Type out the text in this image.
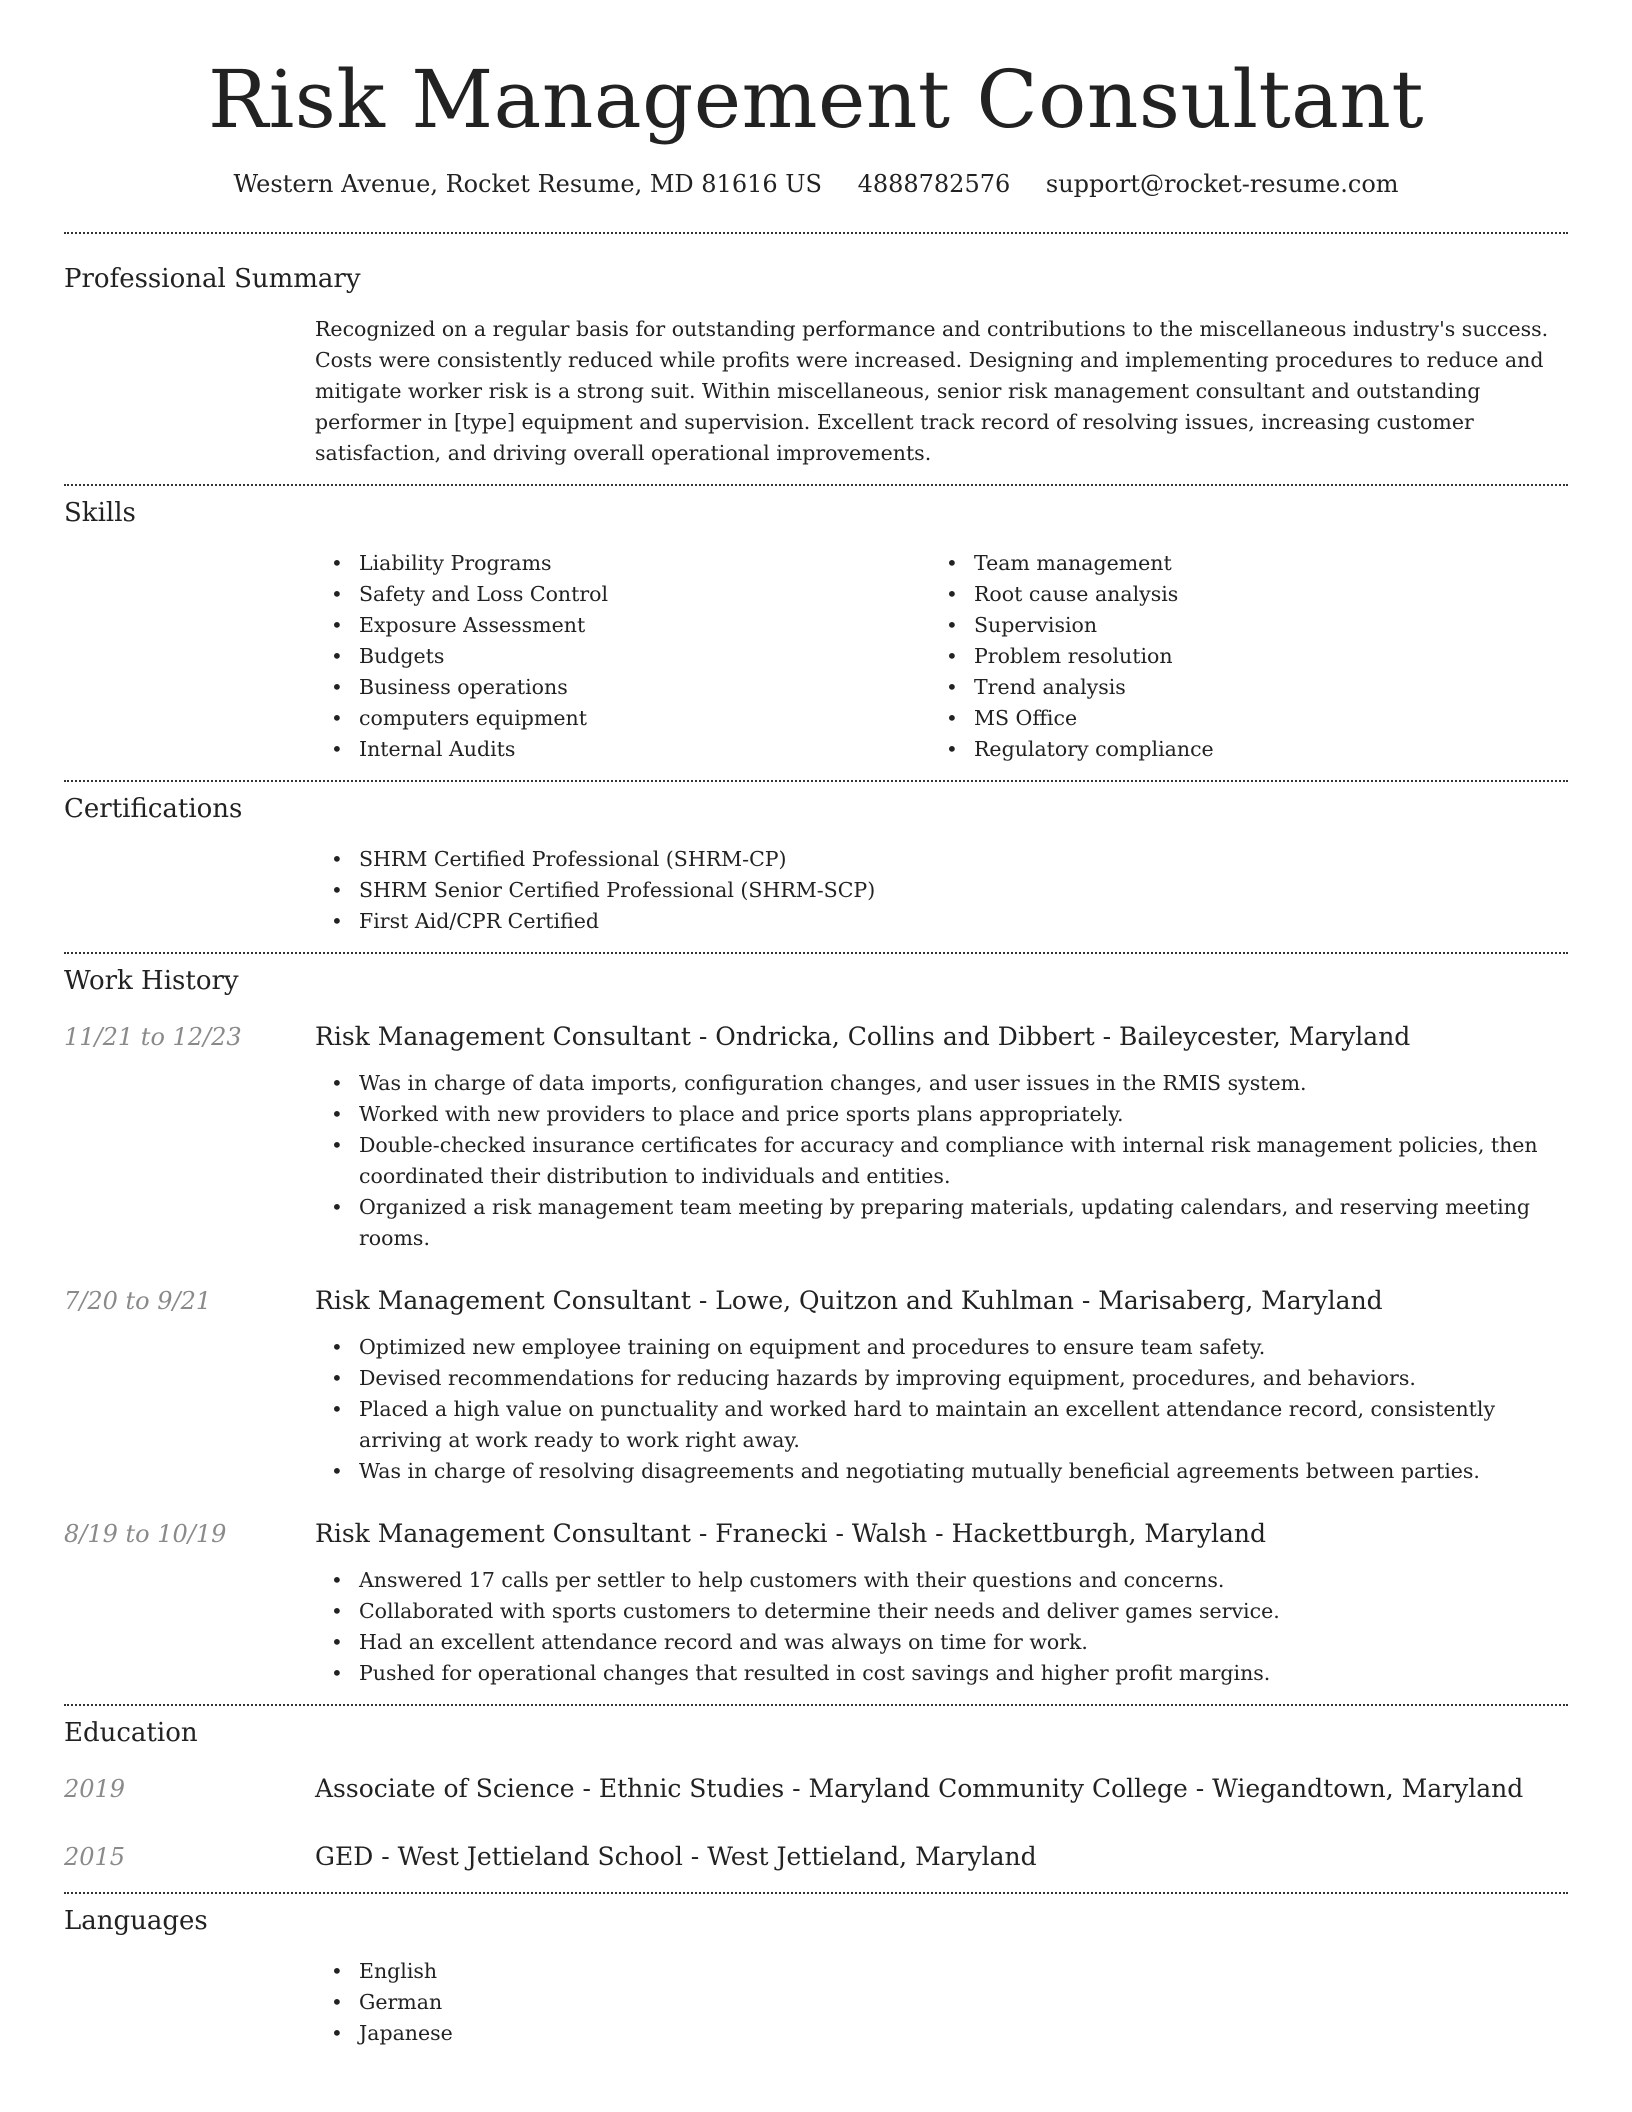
Risk Management Consultant
Western Avenue, Rocket Resume, MD 81616 US 4888782576 support@rocket-resume.com
Professional Summary
Recognized on a regular basis for outstanding performance and contributions to the miscellaneous industry's success. Costs were consistently reduced while profits were increased. Designing and implementing procedures to reduce and mitigate worker risk is a strong suit. Within miscellaneous, senior risk management consultant and outstanding performer in [type] equipment and supervision. Excellent track record of resolving issues, increasing customer satisfaction, and driving overall operational improvements.
Skills
• Liability Programs
• Safety and Loss Control
• Exposure Assessment
• Budgets
• Business operations
• computers equipment
• Internal Audits
• Team management
• Root cause analysis
• Supervision
• Problem resolution
• Trend analysis
• MS Office
• Regulatory compliance
Certifications
• SHRM Certified Professional (SHRM-CP)
• SHRM Senior Certified Professional (SHRM-SCP)
• First Aid/CPR Certified
Work History
11/21 to 12/23	Risk Management Consultant - Ondricka, Collins and Dibbert - Baileycester, Maryland
• Was in charge of data imports, configuration changes, and user issues in the RMIS system.
• Worked with new providers to place and price sports plans appropriately.
• Double-checked insurance certificates for accuracy and compliance with internal risk management policies, then coordinated their distribution to individuals and entities.
• Organized a risk management team meeting by preparing materials, updating calendars, and reserving meeting rooms.
7/20 to 9/21	Risk Management Consultant - Lowe, Quitzon and Kuhlman - Marisaberg, Maryland
• Optimized new employee training on equipment and procedures to ensure team safety.
• Devised recommendations for reducing hazards by improving equipment, procedures, and behaviors.
• Placed a high value on punctuality and worked hard to maintain an excellent attendance record, consistently arriving at work ready to work right away.
• Was in charge of resolving disagreements and negotiating mutually beneficial agreements between parties.
8/19 to 10/19	Risk Management Consultant - Franecki - Walsh - Hackettburgh, Maryland
• Answered 17 calls per settler to help customers with their questions and concerns.
• Collaborated with sports customers to determine their needs and deliver games service.
• Had an excellent attendance record and was always on time for work.
• Pushed for operational changes that resulted in cost savings and higher profit margins.
Education
2019	Associate of Science - Ethnic Studies - Maryland Community College - Wiegandtown, Maryland
2015	GED - West Jettieland School - West Jettieland, Maryland
Languages
• English
• German
• Japanese
